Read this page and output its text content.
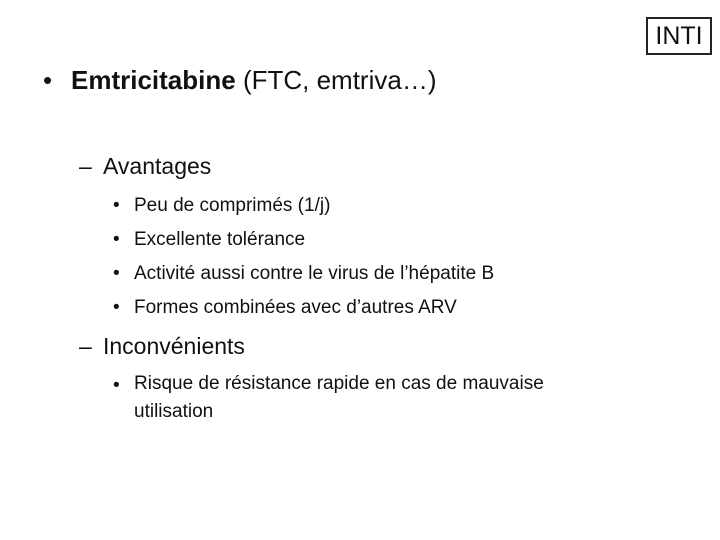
INTI
• Emtricitabine (FTC, emtriva…)
– Avantages
• Peu de comprimés (1/j)
• Excellente tolérance
• Activité aussi contre le virus de l’hépatite B
• Formes combinées avec d’autres ARV
– Inconvénients
• Risque de résistance rapide en cas de mauvaise utilisation
